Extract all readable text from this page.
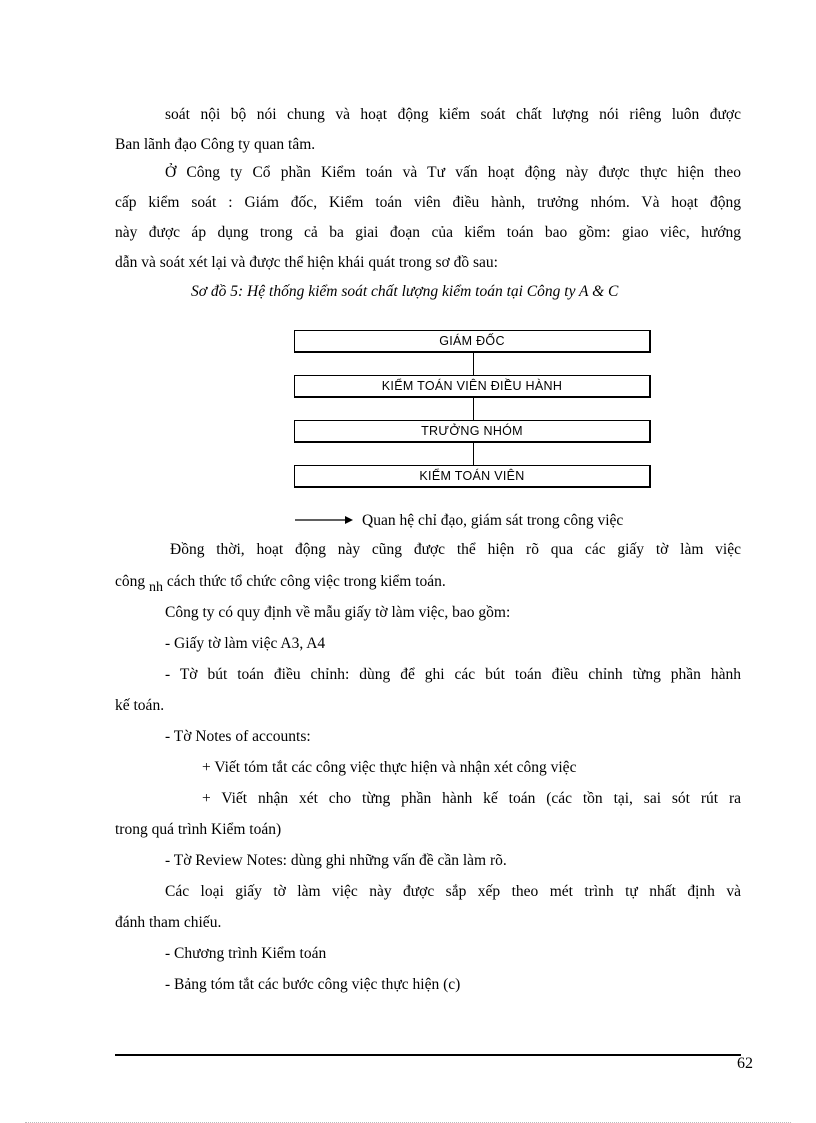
soát nội bộ nói chung và hoạt động kiểm soát chất lượng nói riêng luôn được
Ban lãnh đạo Công ty quan tâm.
Ở Công ty Cổ phần Kiểm toán và Tư vấn hoạt động này được thực hiện theo
cấp kiểm soát : Giám đốc, Kiểm toán viên điều hành, trưởng nhóm. Và hoạt động
này được áp dụng trong cả ba giai đoạn của kiểm toán bao gồm: giao viêc, hướng
dẫn và soát xét lại và được thể hiện khái quát trong sơ đồ sau:
Sơ đồ 5: Hệ thống kiểm soát chất lượng kiểm toán tại Công ty A & C
GIÁM ĐỐC
KIỂM TOÁN VIÊN ĐIỀU HÀNH
TRƯỞNG NHÓM
KIỂM TOÁN VIÊN
Quan hệ chỉ đạo, giám sát trong công việc
Đồng thời, hoạt động này cũng được thể hiện rõ qua các giấy tờ làm việc
công nh cách thức tổ chức công việc trong kiểm toán.
Công ty có quy định về mẫu giấy tờ làm việc, bao gồm:
- Giấy tờ làm việc A3, A4
- Tờ bút toán điều chỉnh: dùng để ghi các bút toán điều chỉnh từng phần hành
kế toán.
- Tờ Notes of accounts:
+ Viết tóm tắt các công việc thực hiện và nhận xét công việc
+ Viết nhận xét cho từng phần hành kế toán (các tồn tại, sai sót rút ra
trong quá trình Kiểm toán)
- Tờ Review Notes: dùng ghi những vấn đề cần làm rõ.
Các loại giấy tờ làm việc này được sắp xếp theo mét trình tự nhất định và
đánh tham chiếu.
- Chương trình Kiểm toán
- Bảng tóm tắt các bước công việc thực hiện (c)
62
